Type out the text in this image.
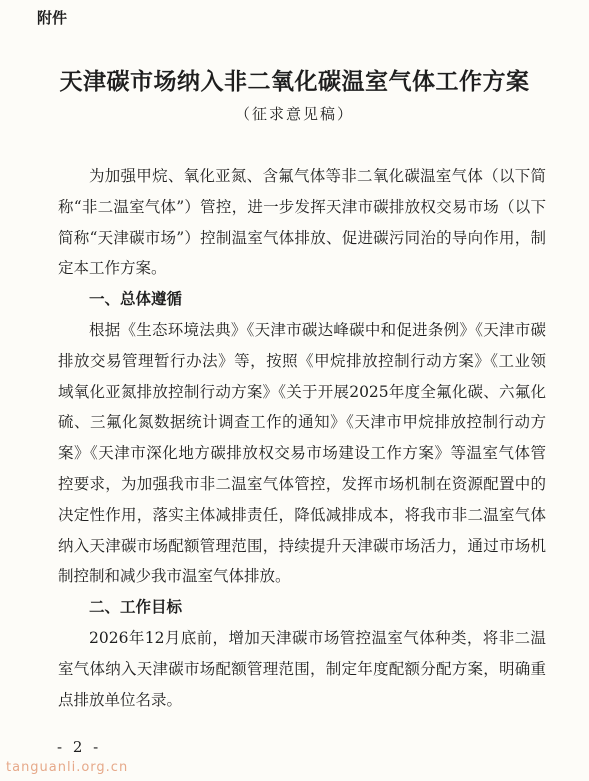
附件
天津碳市场纳入非二氧化碳温室气体工作方案
（征求意见稿）

为加强甲烷、氧化亚氮、含氟气体等非二氧化碳温室气体（以下简称“非二温室气体”）管控，进一步发挥天津市碳排放权交易市场（以下简称“天津碳市场”）控制温室气体排放、促进碳污同治的导向作用，制定本工作方案。

一、总体遵循

根据《生态环境法典》《天津市碳达峰碳中和促进条例》《天津市碳排放交易管理暂行办法》等，按照《甲烷排放控制行动方案》《工业领域氧化亚氮排放控制行动方案》《关于开展2025年度全氟化碳、六氟化硫、三氟化氮数据统计调查工作的通知》《天津市甲烷排放控制行动方案》《天津市深化地方碳排放权交易市场建设工作方案》等温室气体管控要求，为加强我市非二温室气体管控，发挥市场机制在资源配置中的决定性作用，落实主体减排责任，降低减排成本，将我市非二温室气体纳入天津碳市场配额管理范围，持续提升天津碳市场活力，通过市场机制控制和减少我市温室气体排放。

二、工作目标

2026年12月底前，增加天津碳市场管控温室气体种类，将非二温室气体纳入天津碳市场配额管理范围，制定年度配额分配方案，明确重点排放单位名录。

- 2 -
tanguanli.org.cn
